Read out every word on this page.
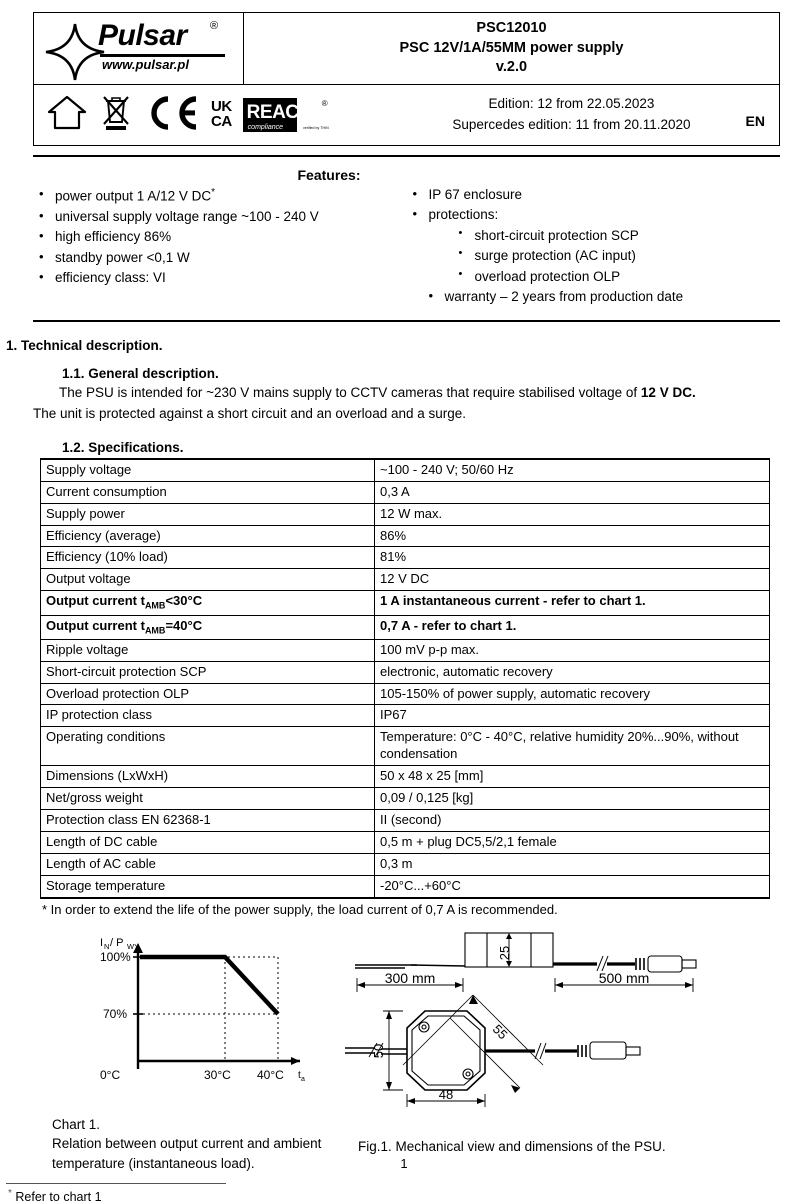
Pulsar ®
www.pulsar.pl
PSC12010
PSC 12V/1A/55MM power supply
v.2.0
UK
CA REACH
compliance
®
verified by THIN
Edition: 12 from 22.05.2023
Supercedes edition: 11 from 20.11.2020	EN
Features:
• power output 1 A/12 V DC*
• universal supply voltage range ~100 - 240 V
• high efficiency 86%
• standby power <0,1 W
• efficiency class: VI
• IP 67 enclosure
• protections:
• short-circuit protection SCP
• surge protection (AC input)
• overload protection OLP
• warranty – 2 years from production date
1. Technical description.
1.1. General description.
The PSU is intended for ~230 V mains supply to CCTV cameras that require stabilised voltage of 12 V DC.
The unit is protected against a short circuit and an overload and a surge.
1.2. Specifications.
Supply voltage	~100 - 240 V; 50/60 Hz
Current consumption	0,3 A
Supply power	12 W max.
Efficiency (average)	86%
Efficiency (10% load)	81%
Output voltage	12 V DC
Output current $t_{AMB}<30^\circ C$	1 A instantaneous current - refer to chart 1.
Output current $t_{AMB}=40^\circ C$	0,7 A - refer to chart 1.
Ripple voltage	100 mV p-p max.
Short-circuit protection SCP	electronic, automatic recovery
Overload protection OLP	105-150% of power supply, automatic recovery
IP protection class	IP67
Operating conditions	Temperature: 0°C - 40°C, relative humidity 20%...90%, without condensation
Dimensions (LxWxH)	50 x 48 x 25 [mm]
Net/gross weight	0,09 / 0,125 [kg]
Protection class EN 62368-1	II (second)
Length of DC cable	0,5 m + plug DC5,5/2,1 female
Length of AC cable	0,3 m
Storage temperature	-20°C...+60°C
* In order to extend the life of the power supply, the load current of 0,7 A is recommended.
I N / P WY
100%
70%
0°C	30°C 40°C t a
25
300 mm	500 mm
55
50
48
Chart 1.
Relation between output current and ambient temperature (instantaneous load).
Fig.1. Mechanical view and dimensions of the PSU.
* Refer to chart 1
1
